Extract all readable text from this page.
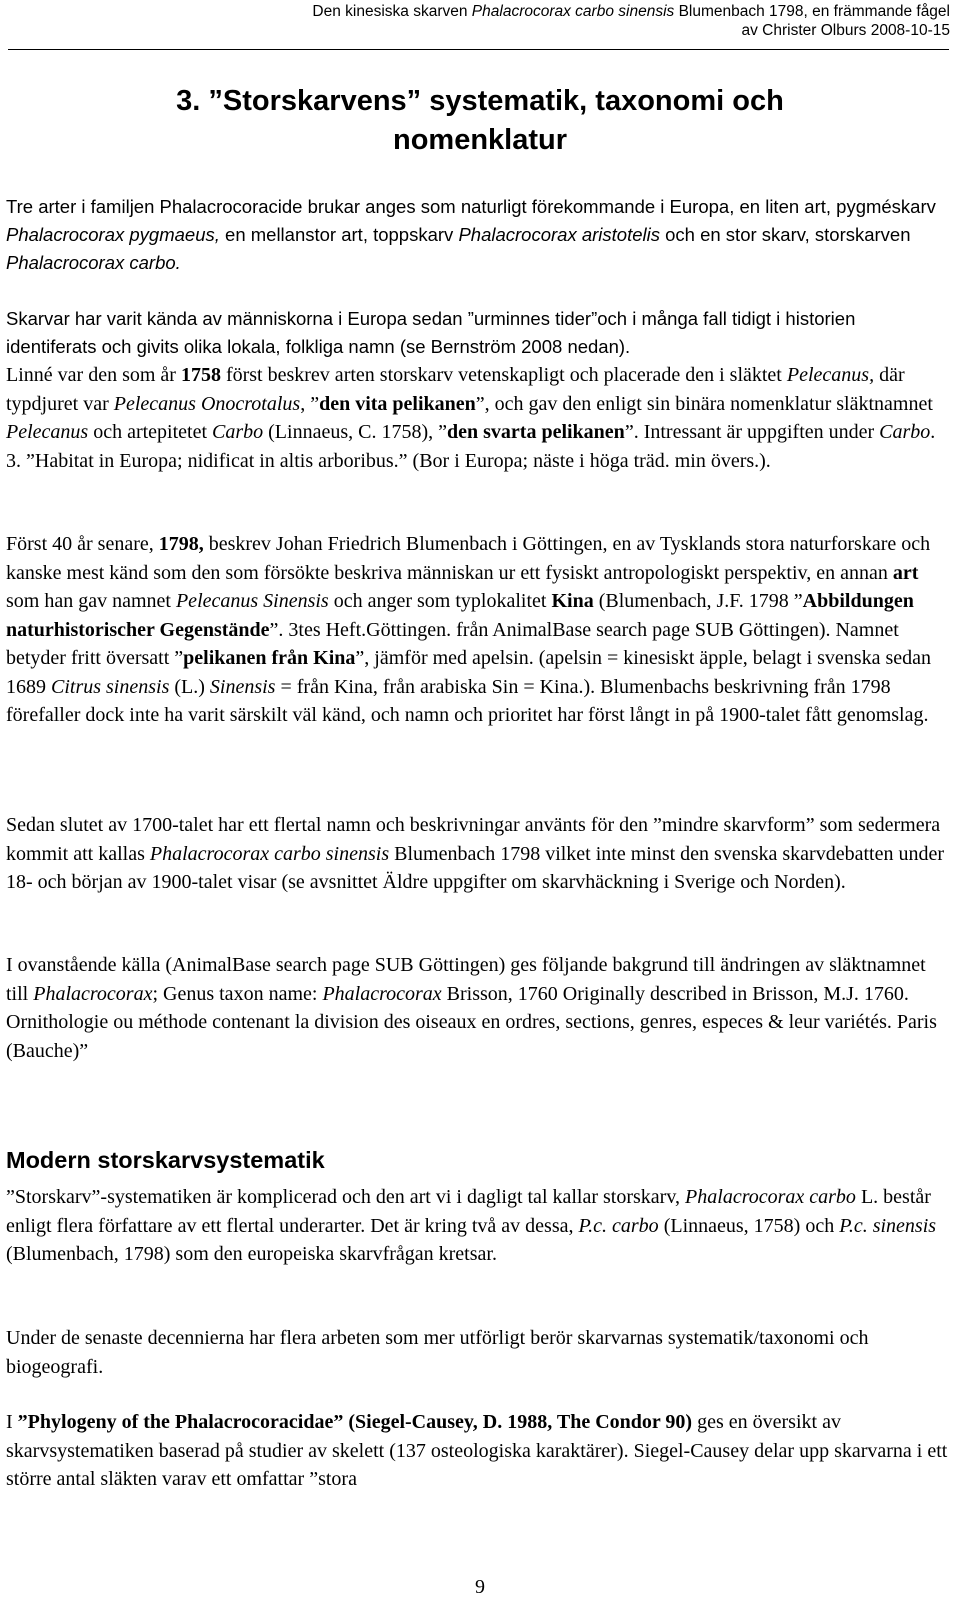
Den kinesiska skarven Phalacrocorax carbo sinensis Blumenbach 1798, en främmande fågel
av Christer Olburs 2008-10-15
3. ”Storskarvens” systematik, taxonomi och
nomenklatur

Tre arter i familjen Phalacrocoracide brukar anges som naturligt förekommande i Europa, en liten art, pygméskarv Phalacrocorax pygmaeus, en mellanstor art, toppskarv Phalacrocorax aristotelis och en stor skarv, storskarven Phalacrocorax carbo.

Skarvar har varit kända av människorna i Europa sedan ”urminnes tider”och i många fall tidigt i historien identiferats och givits olika lokala, folkliga namn (se Bernström 2008 nedan).

Linné var den som år 1758 först beskrev arten storskarv vetenskapligt och placerade den i släktet Pelecanus, där typdjuret var Pelecanus Onocrotalus, ”den vita pelikanen”, och gav den enligt sin binära nomenklatur släktnamnet Pelecanus och artepitetet Carbo (Linnaeus, C. 1758), ”den svarta pelikanen”. Intressant är uppgiften under Carbo. 3. ”Habitat in Europa; nidificat in altis arboribus.” (Bor i Europa; näste i höga träd. min övers.).

Först 40 år senare, 1798, beskrev Johan Friedrich Blumenbach i Göttingen, en av Tysklands stora naturforskare och kanske mest känd som den som försökte beskriva människan ur ett fysiskt antropologiskt perspektiv, en annan art som han gav namnet Pelecanus Sinensis och anger som typlokalitet Kina (Blumenbach, J.F. 1798 ”Abbildungen naturhistorischer Gegenstände”. 3tes Heft.Göttingen. från AnimalBase search page SUB Göttingen). Namnet betyder fritt översatt ”pelikanen från Kina”, jämför med apelsin. (apelsin = kinesiskt äpple, belagt i svenska sedan 1689 Citrus sinensis (L.) Sinensis = från Kina, från arabiska Sin = Kina.). Blumenbachs beskrivning från 1798 förefaller dock inte ha varit särskilt väl känd, och namn och prioritet har först långt in på 1900-talet fått genomslag.

Sedan slutet av 1700-talet har ett flertal namn och beskrivningar använts för den ”mindre skarvform” som sedermera kommit att kallas Phalacrocorax carbo sinensis Blumenbach 1798 vilket inte minst den svenska skarvdebatten under 18- och början av 1900-talet visar (se avsnittet Äldre uppgifter om skarvhäckning i Sverige och Norden).

I ovanstående källa (AnimalBase search page SUB Göttingen) ges följande bakgrund till ändringen av släktnamnet till Phalacrocorax; Genus taxon name: Phalacrocorax Brisson, 1760 Originally described in Brisson, M.J. 1760. Ornithologie ou méthode contenant la division des oiseaux en ordres, sections, genres, especes & leur variétés. Paris (Bauche)”

Modern storskarvsystematik

”Storskarv”-systematiken är komplicerad och den art vi i dagligt tal kallar storskarv, Phalacrocorax carbo L. består enligt flera författare av ett flertal underarter. Det är kring två av dessa, P.c. carbo (Linnaeus, 1758) och P.c. sinensis (Blumenbach, 1798) som den europeiska skarvfrågan kretsar.

Under de senaste decennierna har flera arbeten som mer utförligt berör skarvarnas systematik/taxonomi och biogeografi.

I ”Phylogeny of the Phalacrocoracidae” (Siegel-Causey, D. 1988, The Condor 90) ges en översikt av skarvsystematiken baserad på studier av skelett (137 osteologiska karaktärer). Siegel-Causey delar upp skarvarna i ett större antal släkten varav ett omfattar ”stora

9
